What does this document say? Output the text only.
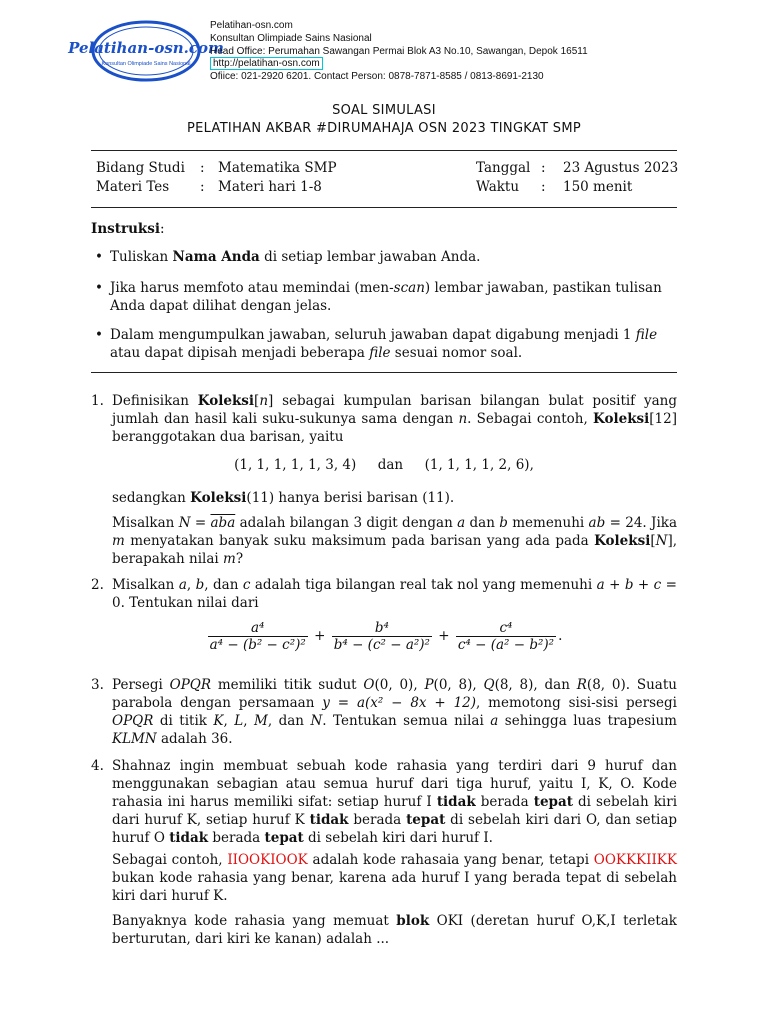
Pelatihan-osn.com
Konsultan Olimpiade Sains Nasional
Pelatihan-osn.com
Konsultan Olimpiade Sains Nasional
Head Office: Perumahan Sawangan Permai Blok A3 No.10, Sawangan, Depok 16511
http://pelatihan-osn.com
Ofiice: 021-2920 6201. Contact Person: 0878-7871-8585 / 0813-8691-2130
SOAL SIMULASI
PELATIHAN AKBAR #DIRUMAHAJA OSN 2023 TINGKAT SMP
Bidang Studi : Matematika SMP	Tanggal : 23 Agustus 2023
Materi Tes : Materi hari 1-8	Waktu : 150 menit
Instruksi:
• Tuliskan Nama Anda di setiap lembar jawaban Anda.
• Jika harus memfoto atau memindai (men-scan) lembar jawaban, pastikan tulisan Anda dapat dilihat dengan jelas.
• Dalam mengumpulkan jawaban, seluruh jawaban dapat digabung menjadi 1 file atau dapat dipisah menjadi beberapa file sesuai nomor soal.
1. Definisikan Koleksi[n] sebagai kumpulan barisan bilangan bulat positif yang jumlah dan hasil kali suku-sukunya sama dengan n. Sebagai contoh, Koleksi[12] beranggotakan dua barisan, yaitu
(1, 1, 1, 1, 1, 3, 4) dan (1, 1, 1, 1, 2, 6),
sedangkan Koleksi(11) hanya berisi barisan (11).
Misalkan $N = \overline{aba}$ adalah bilangan 3 digit dengan a dan b memenuhi ab = 24. Jika m menyatakan banyak suku maksimum pada barisan yang ada pada Koleksi[N], berapakah nilai m?
2. Misalkan a, b, dan c adalah tiga bilangan real tak nol yang memenuhi a + b + c = 0. Tentukan nilai dari
$\frac{\text{a⁴}}{\text{a⁴ − (b² − c²)²}} + \frac{\text{b⁴}}{\text{b⁴ − (c² − a²)²}} + \frac{\text{c⁴}}{\text{c⁴ − (a² − b²)²}}$ .
3. Persegi OPQR memiliki titik sudut O(0, 0), P(0, 8), Q(8, 8), dan R(8, 0). Suatu parabola dengan persamaan y = a(x² − 8x + 12), memotong sisi-sisi persegi OPQR di titik K, L, M, dan N. Tentukan semua nilai a sehingga luas trapesium KLMN adalah 36.
4. Shahnaz ingin membuat sebuah kode rahasia yang terdiri dari 9 huruf dan menggunakan sebagian atau semua huruf dari tiga huruf, yaitu I, K, O. Kode rahasia ini harus memiliki sifat: setiap huruf I tidak berada tepat di sebelah kiri dari huruf K, setiap huruf K tidak berada tepat di sebelah kiri dari O, dan setiap huruf O tidak berada tepat di sebelah kiri dari huruf I.
Sebagai contoh, IIOOKIOOK adalah kode rahasaia yang benar, tetapi OOKKKIIKK bukan kode rahasia yang benar, karena ada huruf I yang berada tepat di sebelah kiri dari huruf K.
Banyaknya kode rahasia yang memuat blok OKI (deretan huruf O,K,I terletak berturutan, dari kiri ke kanan) adalah ...
